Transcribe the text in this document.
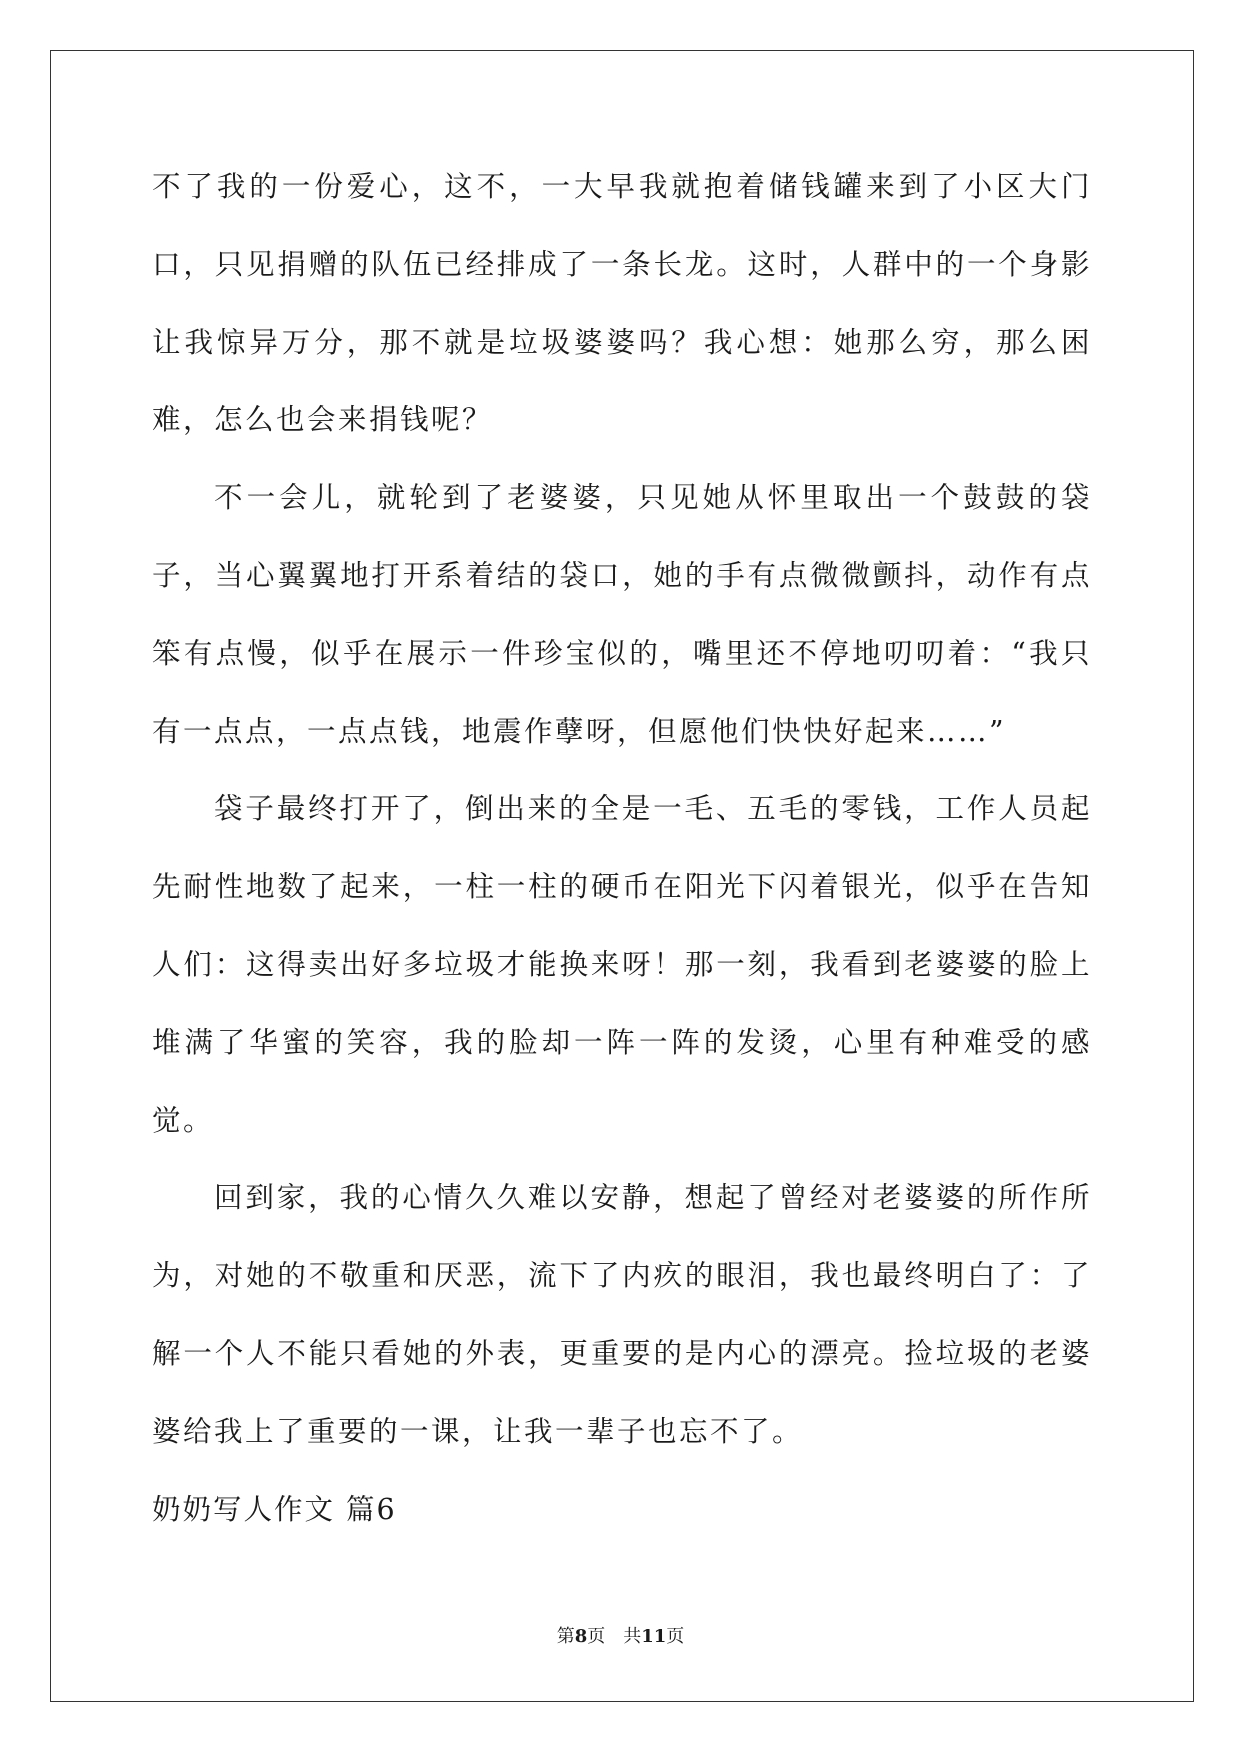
不了我的一份爱心，这不，一大早我就抱着储钱罐来到了小区大门口，只见捐赠的队伍已经排成了一条长龙。这时，人群中的一个身影让我惊异万分，那不就是垃圾婆婆吗？我心想：她那么穷，那么困难，怎么也会来捐钱呢？

不一会儿，就轮到了老婆婆，只见她从怀里取出一个鼓鼓的袋子，当心翼翼地打开系着结的袋口，她的手有点微微颤抖，动作有点笨有点慢，似乎在展示一件珍宝似的，嘴里还不停地叨叨着：“我只有一点点，一点点钱，地震作孽呀，但愿他们快快好起来……”

袋子最终打开了，倒出来的全是一毛、五毛的零钱，工作人员起先耐性地数了起来，一柱一柱的硬币在阳光下闪着银光，似乎在告知人们：这得卖出好多垃圾才能换来呀！那一刻，我看到老婆婆的脸上堆满了华蜜的笑容，我的脸却一阵一阵的发烫，心里有种难受的感觉。

回到家，我的心情久久难以安静，想起了曾经对老婆婆的所作所为，对她的不敬重和厌恶，流下了内疚的眼泪，我也最终明白了：了解一个人不能只看她的外表，更重要的是内心的漂亮。捡垃圾的老婆婆给我上了重要的一课，让我一辈子也忘不了。

奶奶写人作文 篇6

第8页　共11页
